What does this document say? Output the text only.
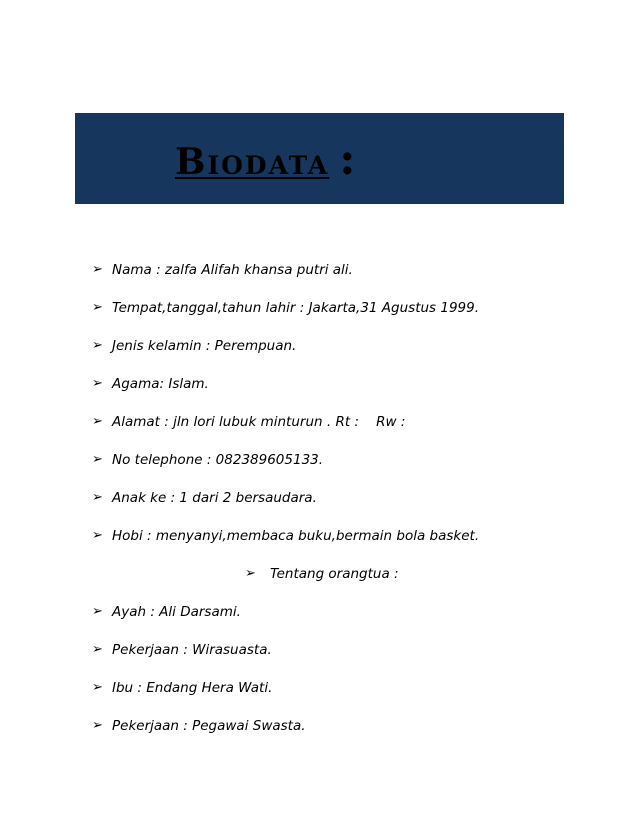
Biodata :
➢ Nama : zalfa Alifah khansa putri ali.
➢ Tempat,tanggal,tahun lahir : Jakarta,31 Agustus 1999.
➢ Jenis kelamin : Perempuan.
➢ Agama: Islam.
➢ Alamat : jln lori lubuk minturun . Rt :    Rw :
➢ No telephone : 082389605133.
➢ Anak ke : 1 dari 2 bersaudara.
➢ Hobi : menyanyi,membaca buku,bermain bola basket.
➢ Tentang orangtua :
➢ Ayah : Ali Darsami.
➢ Pekerjaan : Wirasuasta.
➢ Ibu : Endang Hera Wati.
➢ Pekerjaan : Pegawai Swasta.
